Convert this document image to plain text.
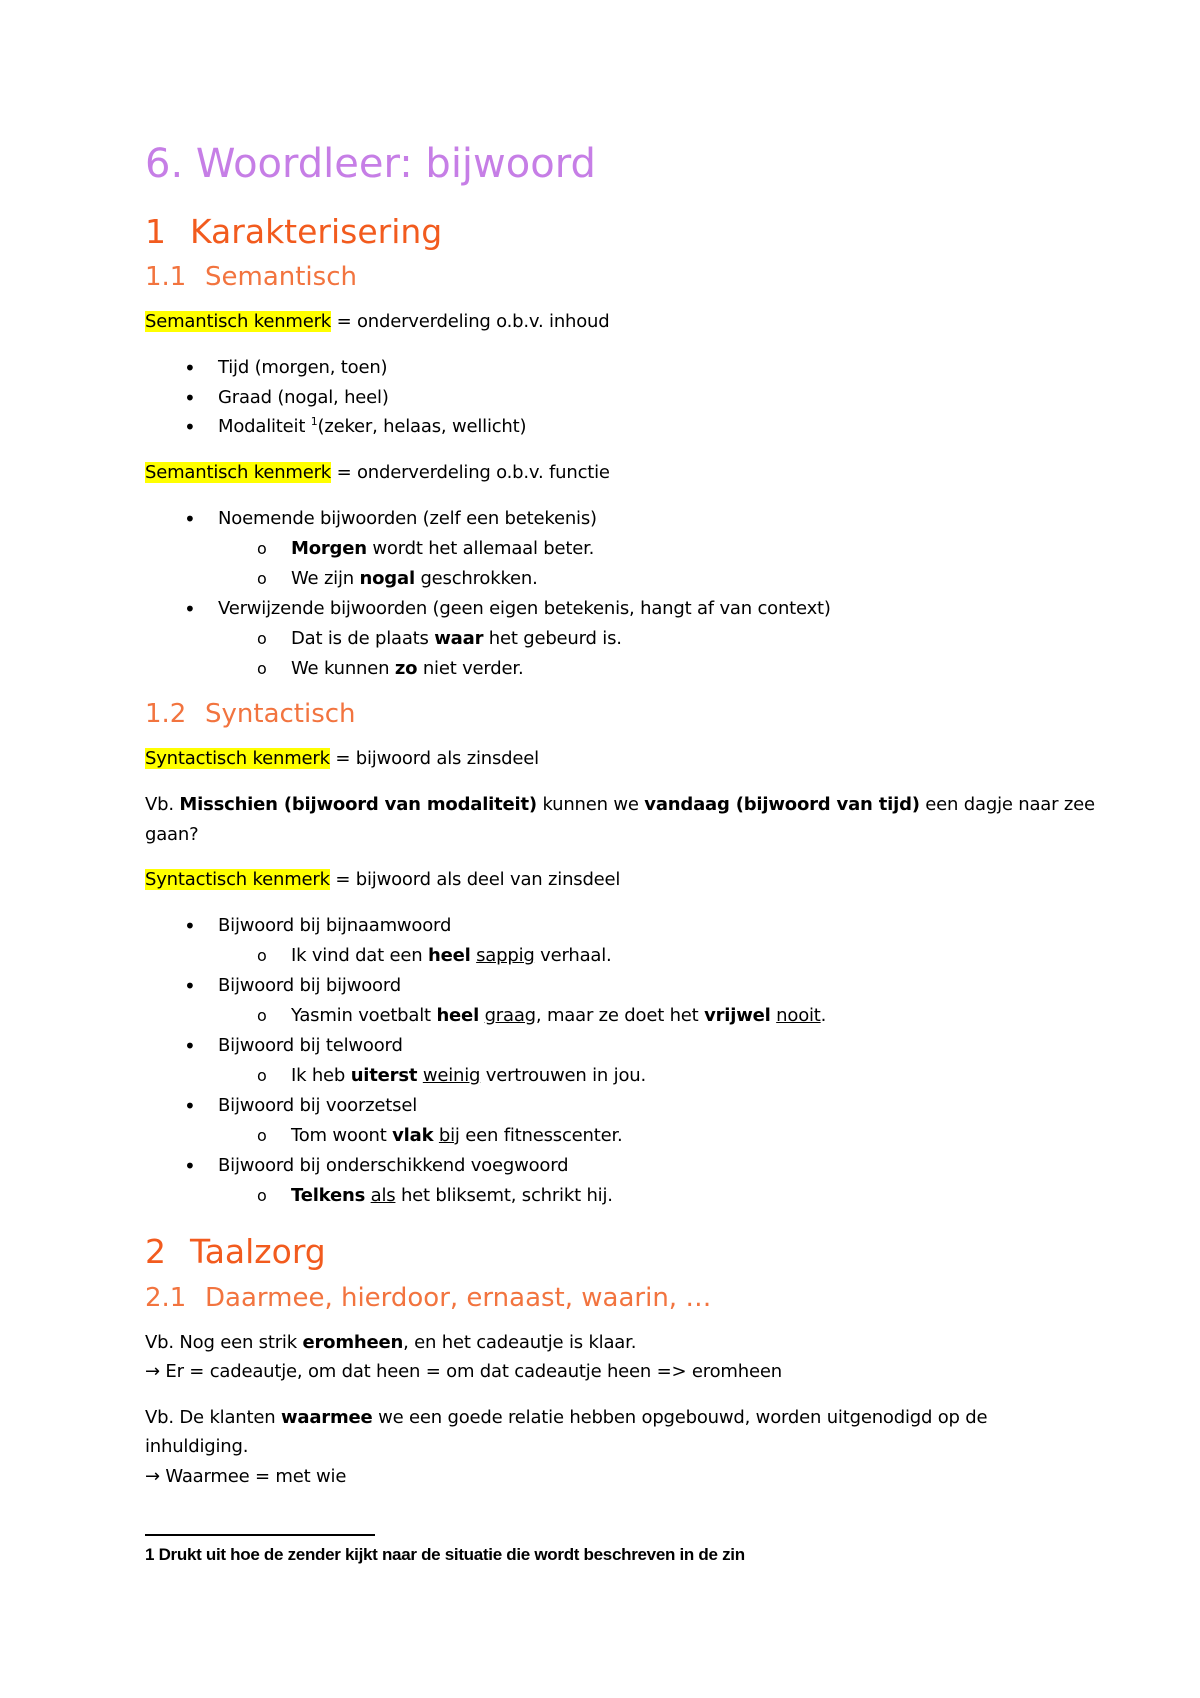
6. Woordleer: bijwoord
1 Karakterisering
1.1 Semantisch
Semantisch kenmerk = onderverdeling o.b.v. inhoud
• Tijd (morgen, toen)
• Graad (nogal, heel)
• Modaliteit $^1$(zeker, helaas, wellicht)
Semantisch kenmerk = onderverdeling o.b.v. functie
• Noemende bijwoorden (zelf een betekenis)
o Morgen wordt het allemaal beter.
o We zijn nogal geschrokken.
• Verwijzende bijwoorden (geen eigen betekenis, hangt af van context)
o Dat is de plaats waar het gebeurd is.
o We kunnen zo niet verder.
1.2 Syntactisch
Syntactisch kenmerk = bijwoord als zinsdeel
Vb. Misschien (bijwoord van modaliteit) kunnen we vandaag (bijwoord van tijd) een dagje naar zee
gaan?
Syntactisch kenmerk = bijwoord als deel van zinsdeel
• Bijwoord bij bijnaamwoord
o Ik vind dat een heel sappig verhaal.
• Bijwoord bij bijwoord
o Yasmin voetbalt heel graag, maar ze doet het vrijwel nooit.
• Bijwoord bij telwoord
o Ik heb uiterst weinig vertrouwen in jou.
• Bijwoord bij voorzetsel
o Tom woont vlak bij een fitnesscenter.
• Bijwoord bij onderschikkend voegwoord
o Telkens als het bliksemt, schrikt hij.
2 Taalzorg
2.1 Daarmee, hierdoor, ernaast, waarin, …
Vb. Nog een strik eromheen, en het cadeautje is klaar.
→ Er = cadeautje, om dat heen = om dat cadeautje heen => eromheen
Vb. De klanten waarmee we een goede relatie hebben opgebouwd, worden uitgenodigd op de
inhuldiging.
→ Waarmee = met wie
1 Drukt uit hoe de zender kijkt naar de situatie die wordt beschreven in de zin
